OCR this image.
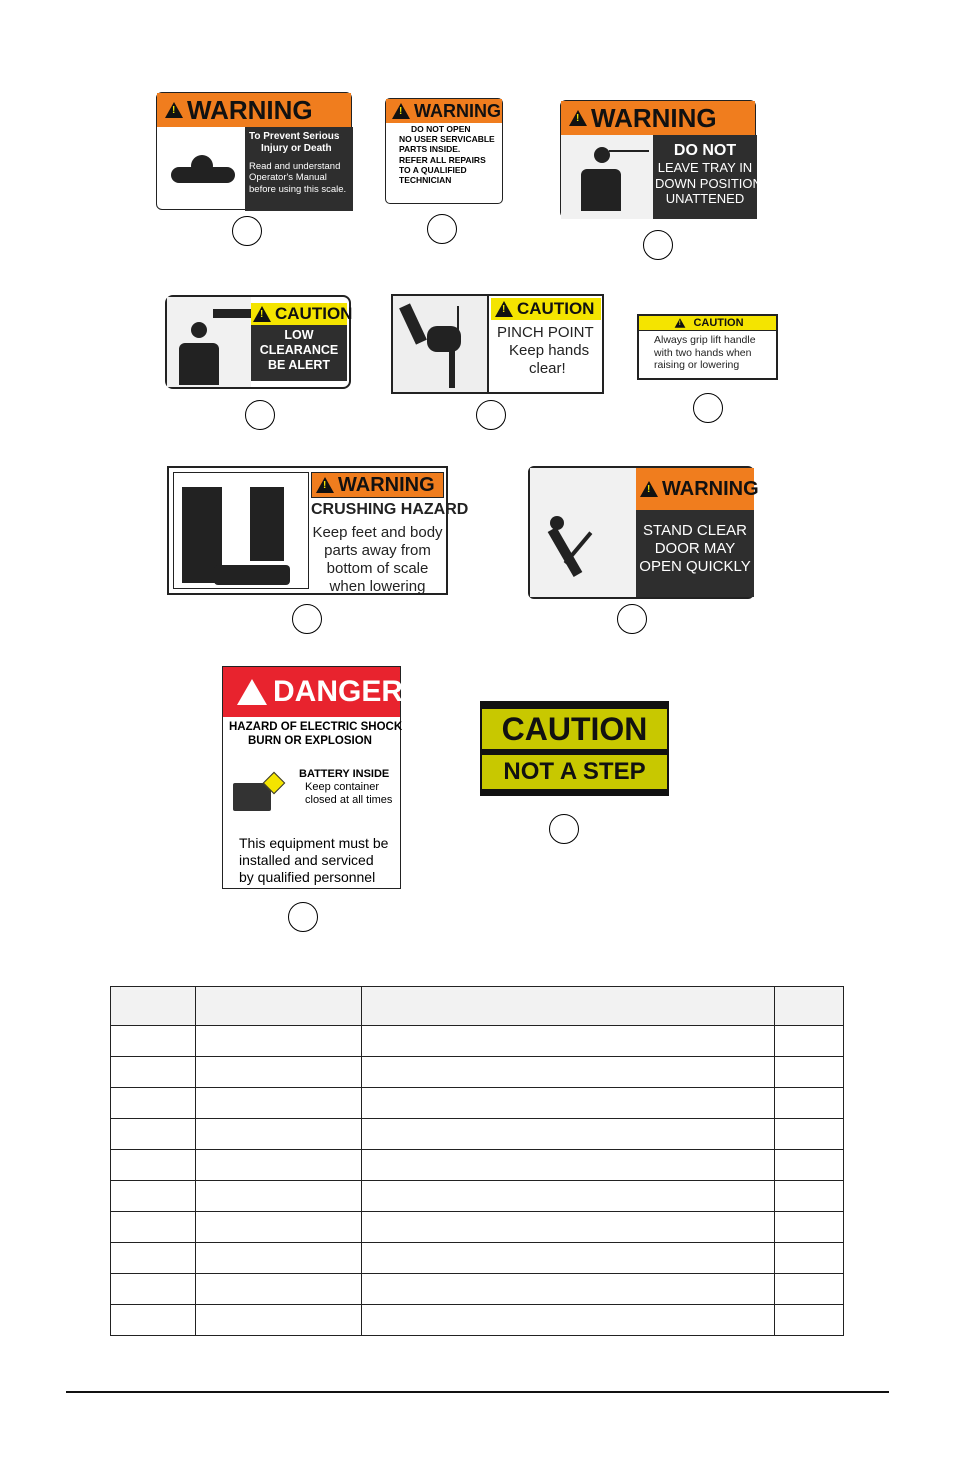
!
WARNING
To Prevent Serious
Injury or Death
Read and understand
Operator's Manual
before using this scale.
!
WARNING
DO NOT OPEN
NO USER SERVICABLE
PARTS INSIDE.
REFER ALL REPAIRS
TO A QUALIFIED
TECHNICIAN
!
WARNING
DO NOT
LEAVE TRAY IN
DOWN POSITION
UNATTENED
!
CAUTION
LOW
CLEARANCE
BE ALERT
!
CAUTION
PINCH POINT
Keep hands
clear!
!
CAUTION
Always grip lift handle
with two hands when
raising or lowering
!
WARNING
CRUSHING HAZARD
Keep feet and body
parts away from
bottom of scale
when lowering
!
WARNING
STAND CLEAR
DOOR MAY
OPEN QUICKLY
DANGER
HAZARD OF ELECTRIC SHOCK
BURN OR EXPLOSION
BATTERY INSIDE
Keep container
closed at all times
This equipment must be
installed and serviced
by qualified personnel
CAUTION
NOT A STEP
